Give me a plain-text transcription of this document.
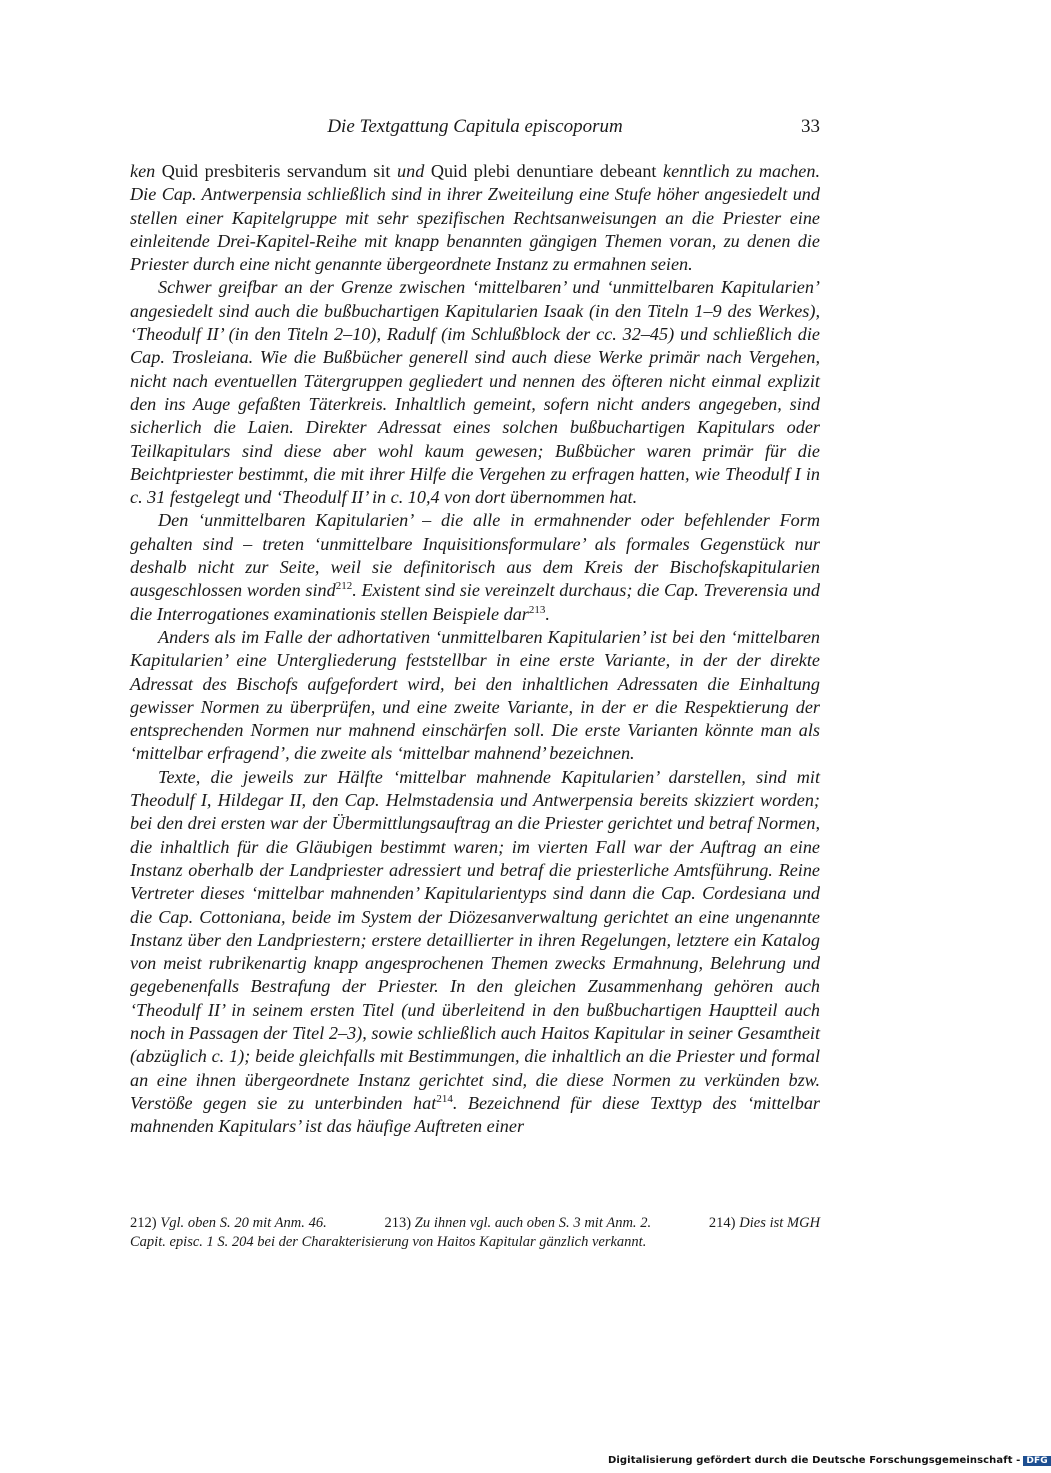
Die Textgattung Capitula episcoporum	33

ken Quid presbiteris servandum sit und Quid plebi denuntiare debeant kenntlich zu machen. Die Cap. Antwerpensia schließlich sind in ihrer Zweiteilung eine Stufe höher angesiedelt und stellen einer Kapitelgruppe mit sehr spezifischen Rechtsanweisungen an die Priester eine einleitende Drei-Kapitel-Reihe mit knapp benannten gängigen Themen voran, zu denen die Priester durch eine nicht genannte übergeordnete Instanz zu ermahnen seien.

Schwer greifbar an der Grenze zwischen ‘mittelbaren’ und ‘unmittelbaren Kapitularien’ angesiedelt sind auch die bußbuchartigen Kapitularien Isaak (in den Titeln 1–9 des Werkes), ‘Theodulf II’ (in den Titeln 2–10), Radulf (im Schlußblock der cc. 32–45) und schließlich die Cap. Trosleiana. Wie die Bußbücher generell sind auch diese Werke primär nach Vergehen, nicht nach eventuellen Tätergruppen gegliedert und nennen des öfteren nicht einmal explizit den ins Auge gefaßten Täterkreis. Inhaltlich gemeint, sofern nicht anders angegeben, sind sicherlich die Laien. Direkter Adressat eines solchen bußbuchartigen Kapitulars oder Teilkapitulars sind diese aber wohl kaum gewesen; Bußbücher waren primär für die Beichtpriester bestimmt, die mit ihrer Hilfe die Vergehen zu erfragen hatten, wie Theodulf I in c. 31 festgelegt und ‘Theodulf II’ in c. 10,4 von dort übernommen hat.

Den ‘unmittelbaren Kapitularien’ – die alle in ermahnender oder befehlender Form gehalten sind – treten ‘unmittelbare Inquisitionsformulare’ als formales Gegenstück nur deshalb nicht zur Seite, weil sie definitorisch aus dem Kreis der Bischofskapitularien ausgeschlossen worden sind$^{212}$. Existent sind sie vereinzelt durchaus; die Cap. Treverensia und die Interrogationes examinationis stellen Beispiele dar$^{213}$.

Anders als im Falle der adhortativen ‘unmittelbaren Kapitularien’ ist bei den ‘mittelbaren Kapitularien’ eine Untergliederung feststellbar in eine erste Variante, in der der direkte Adressat des Bischofs aufgefordert wird, bei den inhaltlichen Adressaten die Einhaltung gewisser Normen zu überprüfen, und eine zweite Variante, in der er die Respektierung der entsprechenden Normen nur mahnend einschärfen soll. Die erste Varianten könnte man als ‘mittelbar erfragend’, die zweite als ‘mittelbar mahnend’ bezeichnen.

Texte, die jeweils zur Hälfte ‘mittelbar mahnende Kapitularien’ darstellen, sind mit Theodulf I, Hildegar II, den Cap. Helmstadensia und Antwerpensia bereits skizziert worden; bei den drei ersten war der Übermittlungsauftrag an die Priester gerichtet und betraf Normen, die inhaltlich für die Gläubigen bestimmt waren; im vierten Fall war der Auftrag an eine Instanz oberhalb der Landpriester adressiert und betraf die priesterliche Amtsführung. Reine Vertreter dieses ‘mittelbar mahnenden’ Kapitularientyps sind dann die Cap. Cordesiana und die Cap. Cottoniana, beide im System der Diözesanverwaltung gerichtet an eine ungenannte Instanz über den Landpriestern; erstere detaillierter in ihren Regelungen, letztere ein Katalog von meist rubrikenartig knapp angesprochenen Themen zwecks Ermahnung, Belehrung und gegebenenfalls Bestrafung der Priester. In den gleichen Zusammenhang gehören auch ‘Theodulf II’ in seinem ersten Titel (und überleitend in den bußbuchartigen Hauptteil auch noch in Passagen der Titel 2–3), sowie schließlich auch Haitos Kapitular in seiner Gesamtheit (abzüglich c. 1); beide gleichfalls mit Bestimmungen, die inhaltlich an die Priester und formal an eine ihnen übergeordnete Instanz gerichtet sind, die diese Normen zu verkünden bzw. Verstöße gegen sie zu unterbinden hat$^{214}$. Bezeichnend für diese Texttyp des ‘mittelbar mahnenden Kapitulars’ ist das häufige Auftreten einer

212) Vgl. oben S. 20 mit Anm. 46.	213) Zu ihnen vgl. auch oben S. 3 mit Anm. 2.	214) Dies ist MGH Capit. episc. 1 S. 204 bei der Charakterisierung von Haitos Kapitular gänzlich verkannt.
Digitalisierung gefördert durch die Deutsche Forschungsgemeinschaft - DFG
